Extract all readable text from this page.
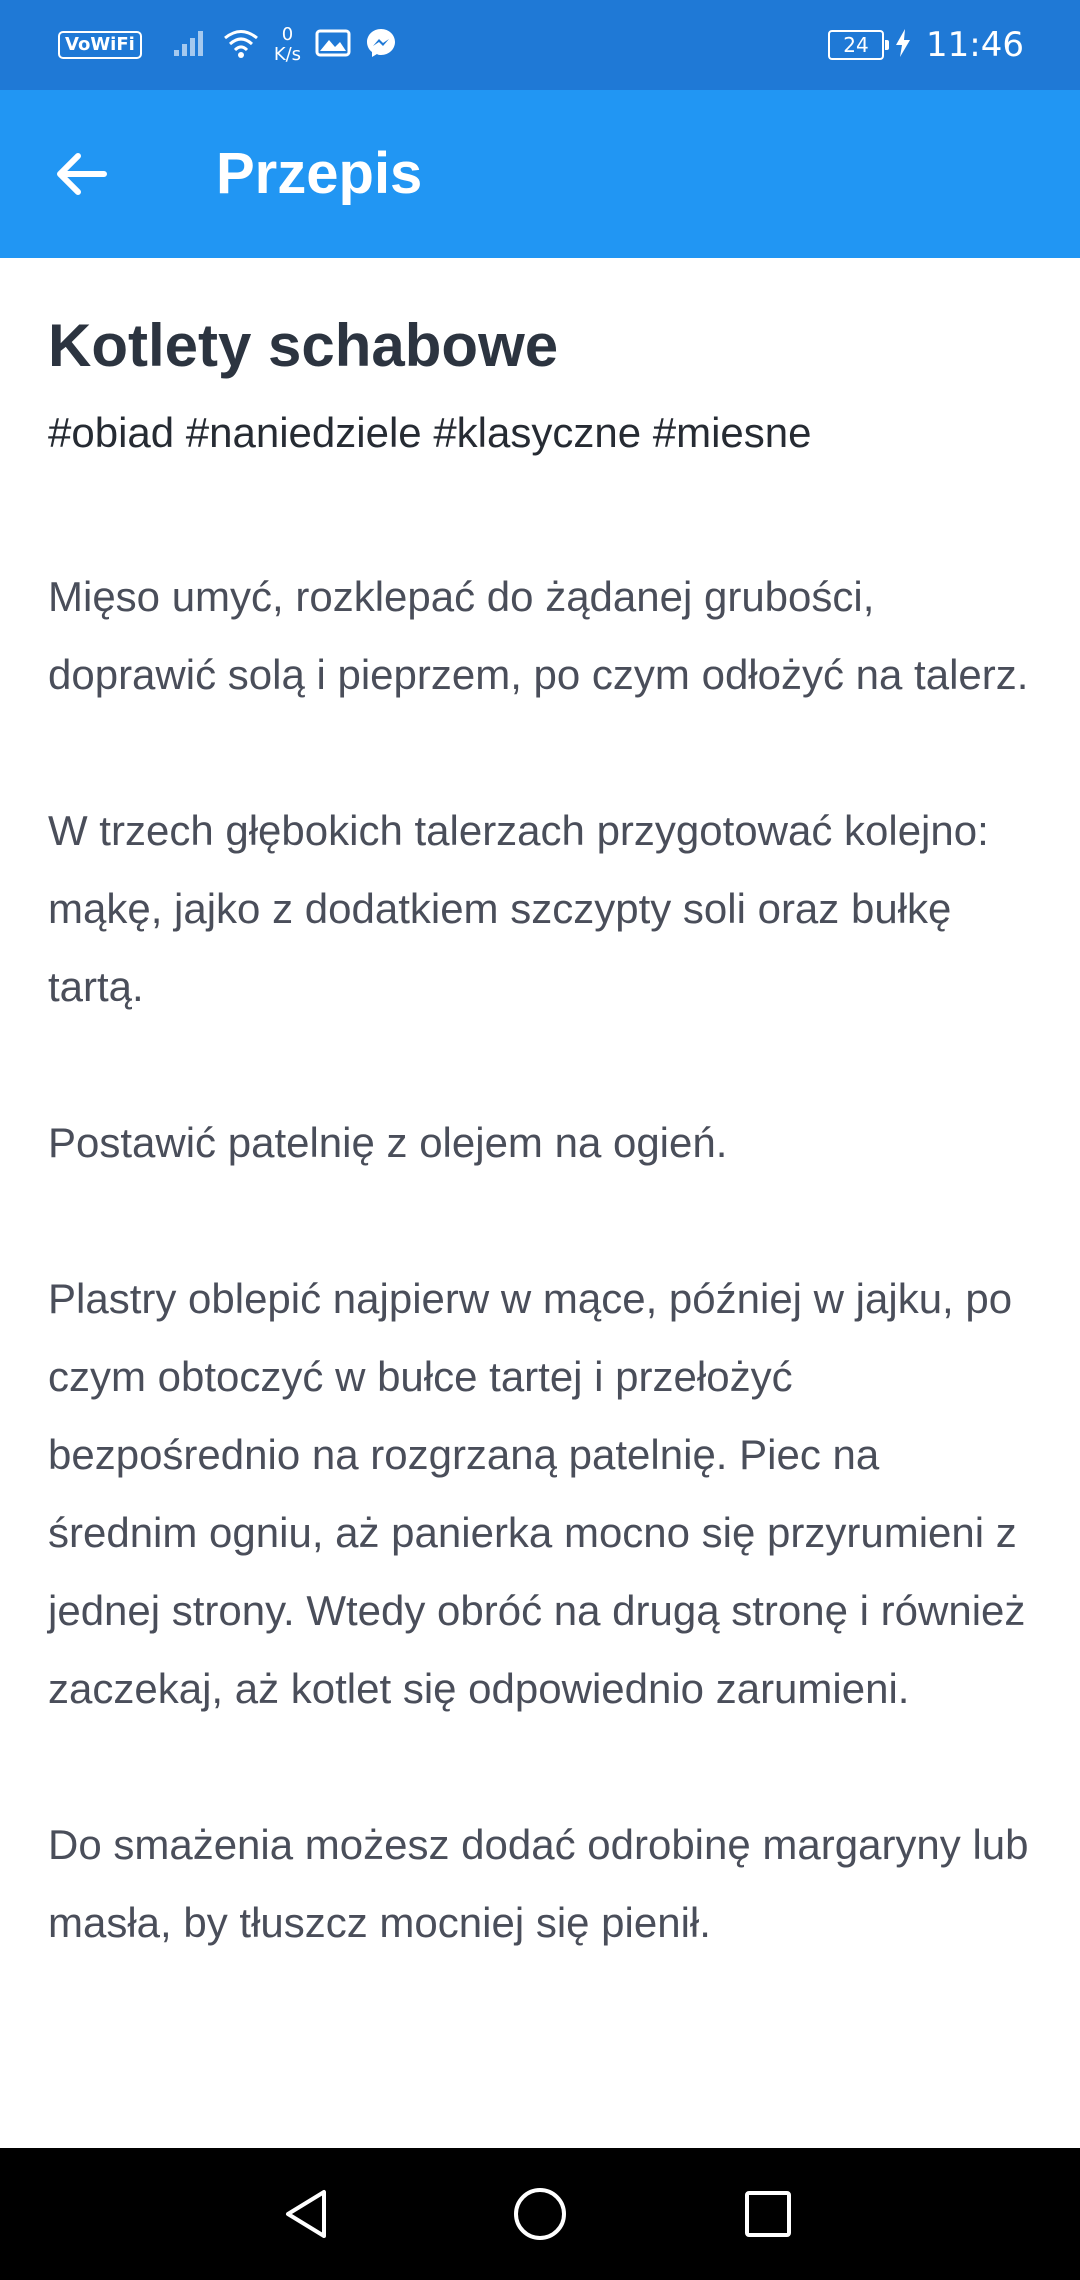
VoWiFi	0
K/s	24 11:46
Przepis
Kotlety schabowe
#obiad #naniedziele #klasyczne #miesne

Mięso umyć, rozklepać do żądanej grubości, doprawić solą i pieprzem, po czym odłożyć na talerz.

W trzech głębokich talerzach przygotować kolejno: mąkę, jajko z dodatkiem szczypty soli oraz bułkę tartą.

Postawić patelnię z olejem na ogień.

Plastry oblepić najpierw w mące, później w jajku, po czym obtoczyć w bułce tartej i przełożyć bezpośrednio na rozgrzaną patelnię. Piec na średnim ogniu, aż panierka mocno się przyrumieni z jednej strony. Wtedy obróć na drugą stronę i również zaczekaj, aż kotlet się odpowiednio zarumieni.

Do smażenia możesz dodać odrobinę margaryny lub masła, by tłuszcz mocniej się pienił.
